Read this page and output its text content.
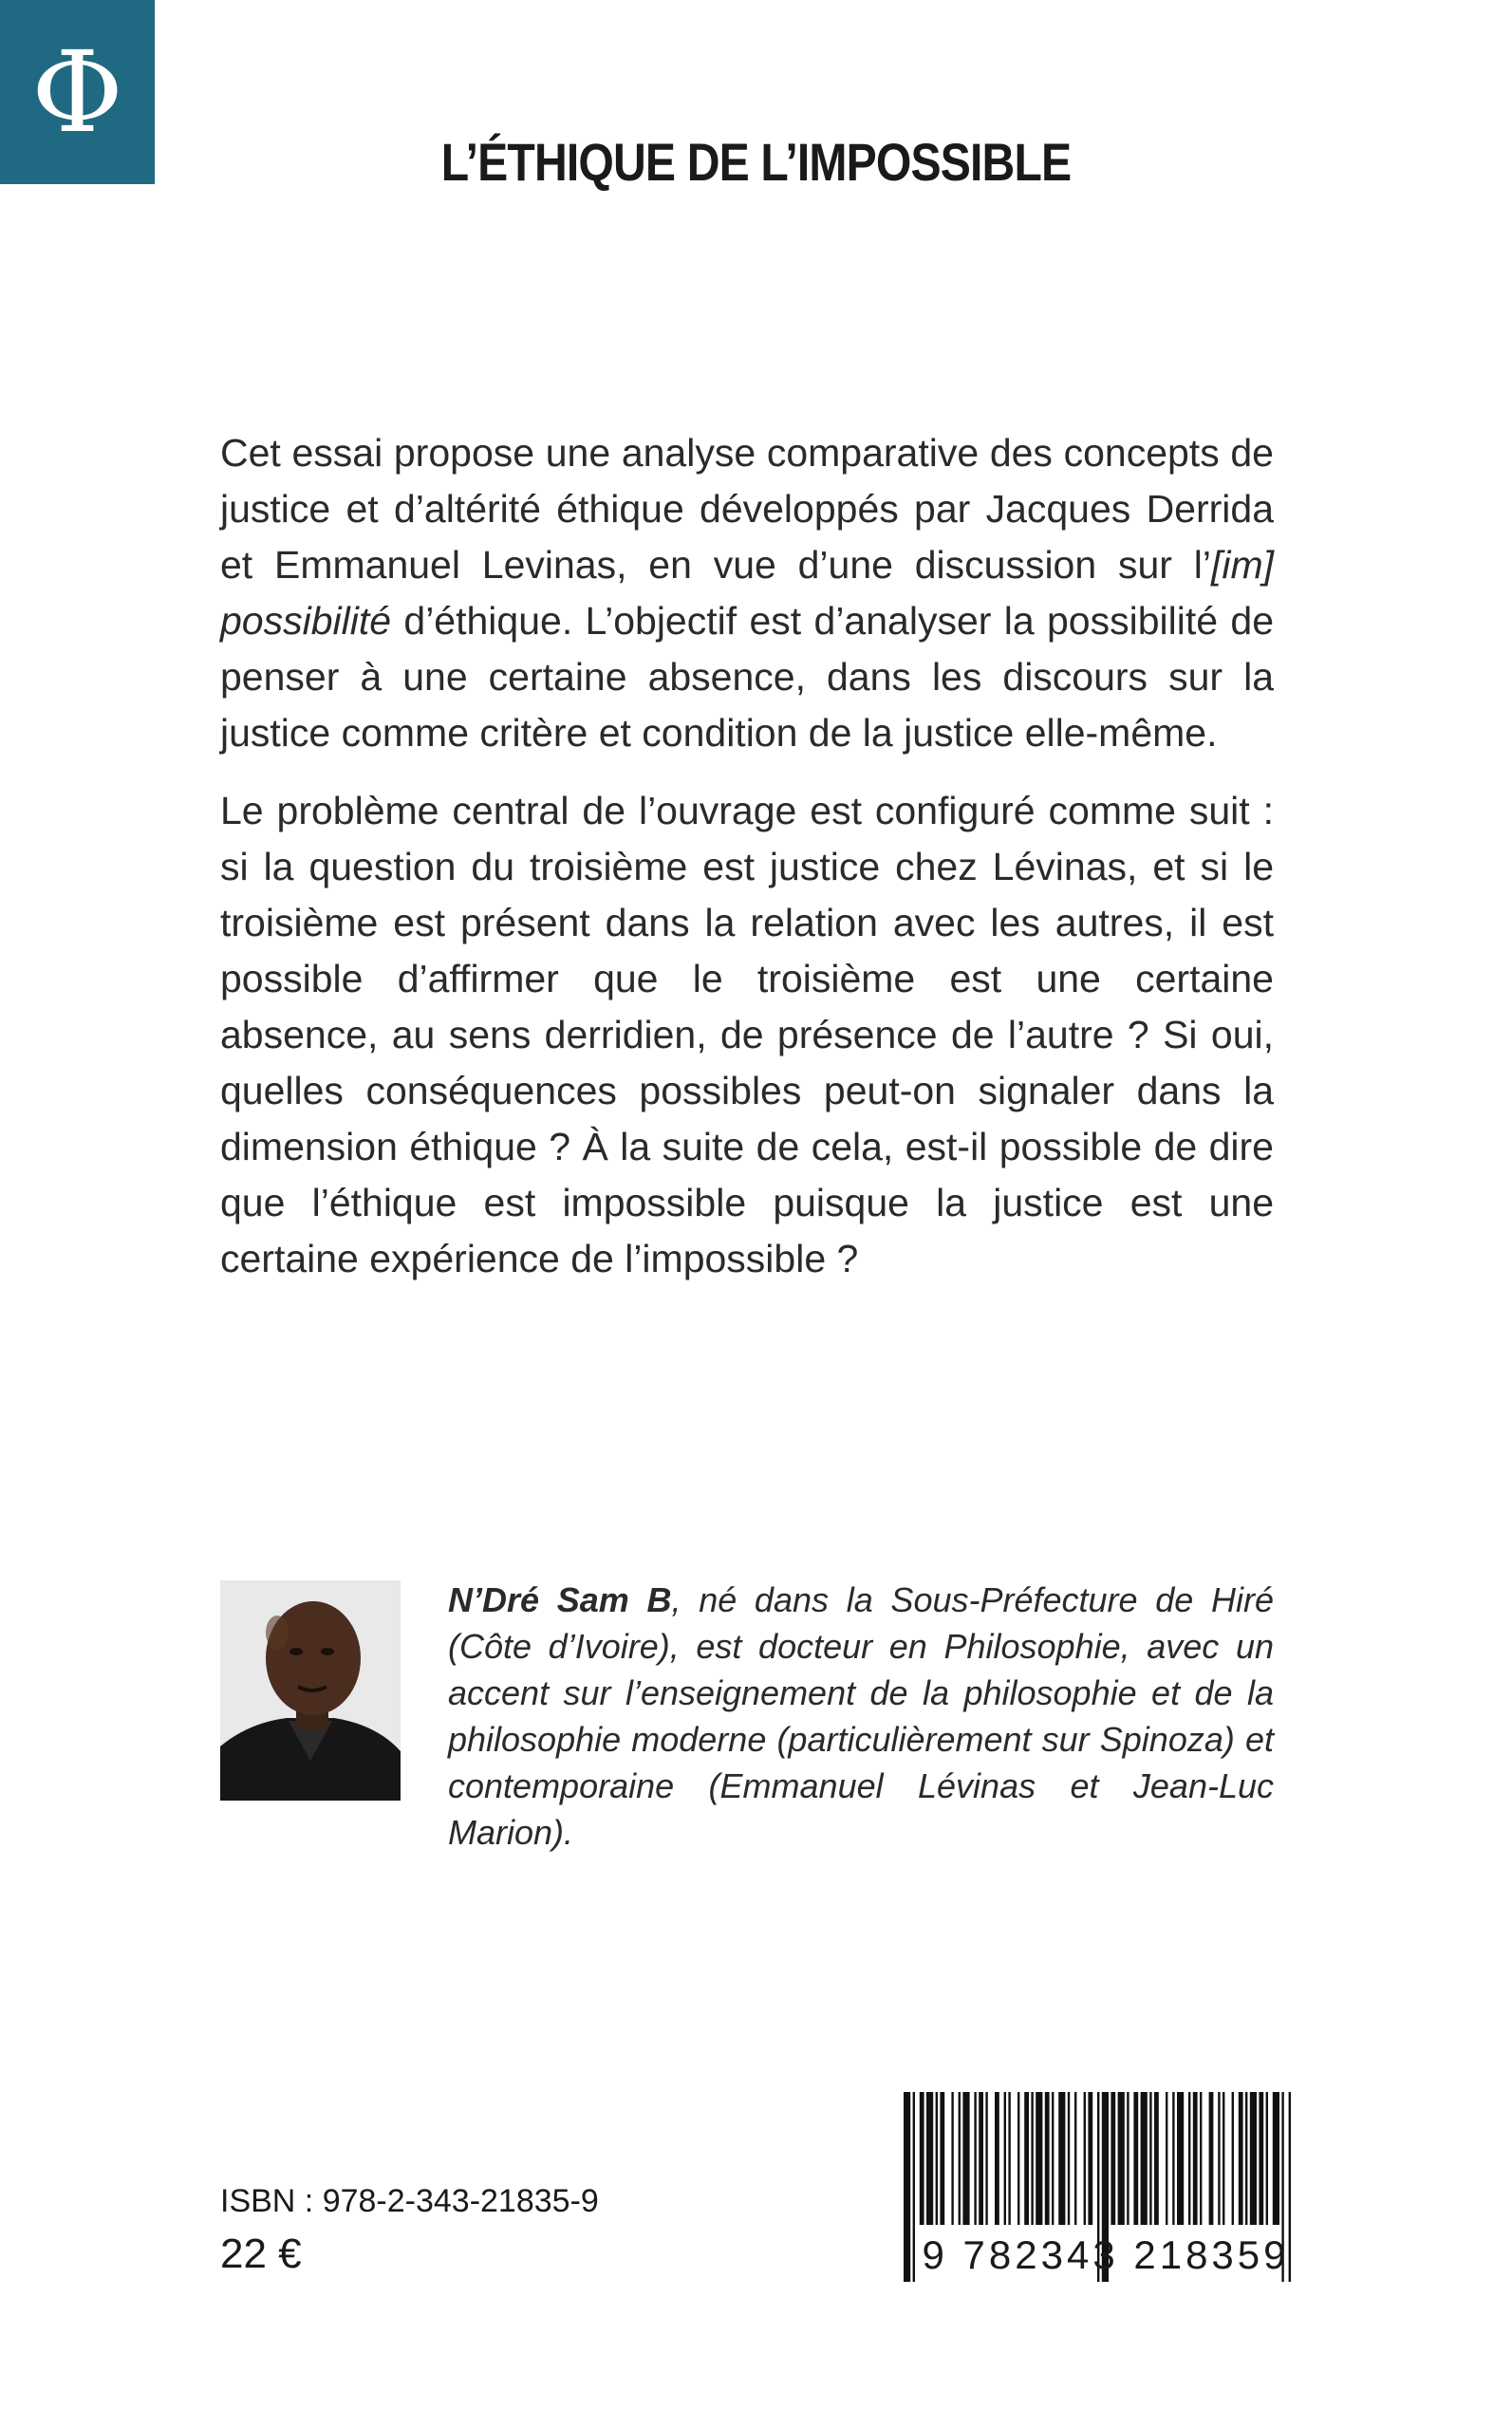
Φ
L’ÉTHIQUE DE L’IMPOSSIBLE

Cet essai propose une analyse comparative des concepts de justice et d’altérité éthique développés par Jacques Derrida et Emmanuel Levinas, en vue d’une discussion sur l’[im] possibilité d’éthique. L’objectif est d’analyser la possibilité de penser à une certaine absence, dans les discours sur la justice comme critère et condition de la justice elle-même.

Le problème central de l’ouvrage est configuré comme suit : si la question du troisième est justice chez Lévinas, et si le troisième est présent dans la relation avec les autres, il est possible d’affirmer que le troisième est une certaine absence, au sens derridien, de présence de l’autre ? Si oui, quelles conséquences possibles peut-on signaler dans la dimension éthique ? À la suite de cela, est-il possible de dire que l’éthique est impossible puisque la justice est une certaine expérience de l’impossible ?

N’Dré Sam B, né dans la Sous-Préfecture de Hiré (Côte d’Ivoire), est docteur en Philosophie, avec un accent sur l’enseignement de la philosophie et de la philosophie moderne (particulièrement sur Spinoza) et contemporaine (Emmanuel Lévinas et Jean-Luc Marion).
ISBN : 978-2-343-21835-9
22 €	9 782343 218359
